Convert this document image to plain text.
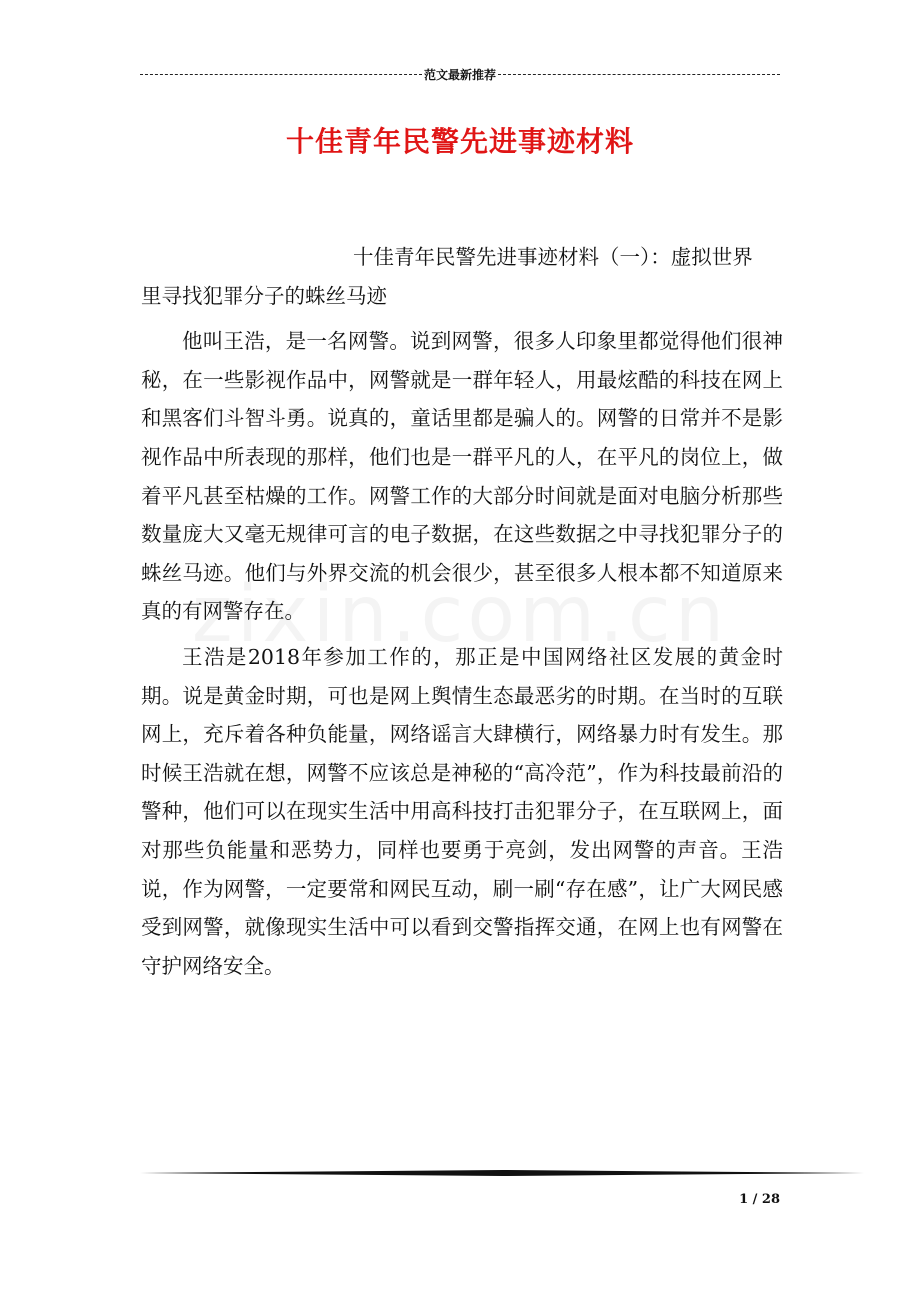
范文最新推荐
十佳青年民警先进事迹材料

十佳青年民警先进事迹材料（一）：虚拟世界

里寻找犯罪分子的蛛丝马迹

他叫王浩，是一名网警。说到网警，很多人印象里都觉得他们很神秘，在一些影视作品中，网警就是一群年轻人，用最炫酷的科技在网上和黑客们斗智斗勇。说真的，童话里都是骗人的。网警的日常并不是影视作品中所表现的那样，他们也是一群平凡的人，在平凡的岗位上，做着平凡甚至枯燥的工作。网警工作的大部分时间就是面对电脑分析那些数量庞大又毫无规律可言的电子数据，在这些数据之中寻找犯罪分子的蛛丝马迹。他们与外界交流的机会很少，甚至很多人根本都不知道原来真的有网警存在。

王浩是2018年参加工作的，那正是中国网络社区发展的黄金时期。说是黄金时期，可也是网上舆情生态最恶劣的时期。在当时的互联网上，充斥着各种负能量，网络谣言大肆横行，网络暴力时有发生。那时候王浩就在想，网警不应该总是神秘的“高冷范”，作为科技最前沿的警种，他们可以在现实生活中用高科技打击犯罪分子，在互联网上，面对那些负能量和恶势力，同样也要勇于亮剑，发出网警的声音。王浩说，作为网警，一定要常和网民互动，刷一刷“存在感”，让广大网民感受到网警，就像现实生活中可以看到交警指挥交通，在网上也有网警在守护网络安全。

1 / 28
